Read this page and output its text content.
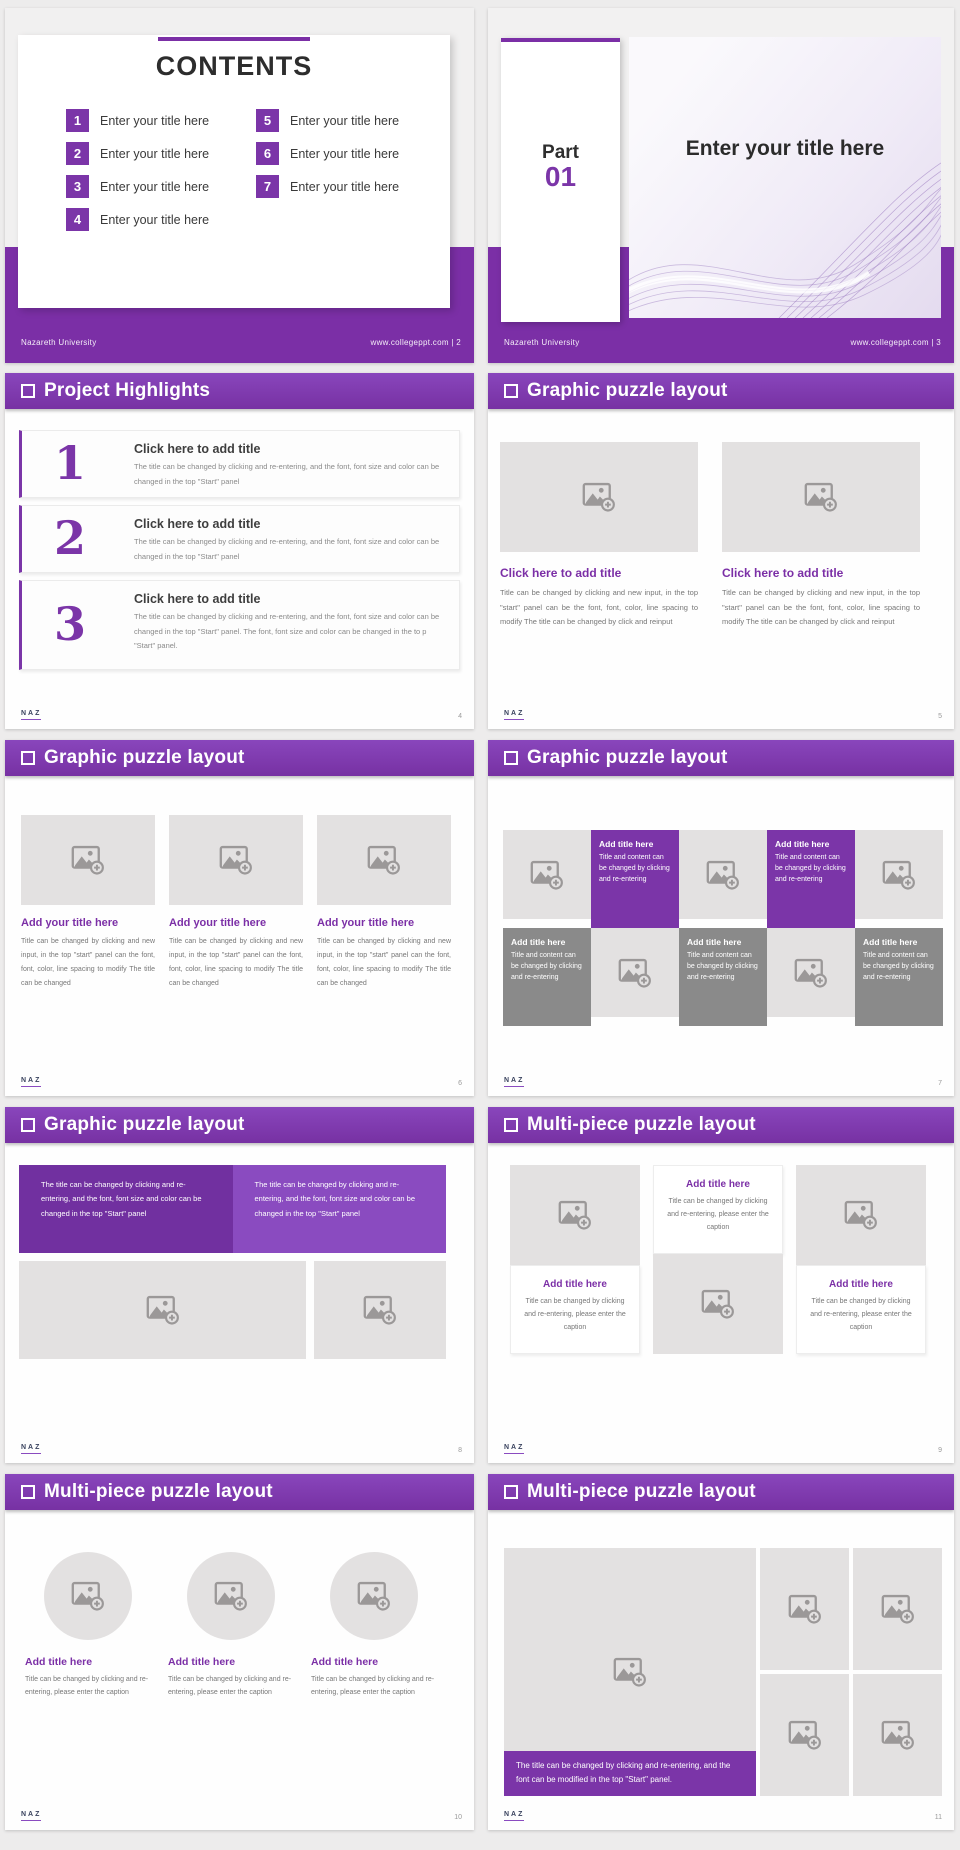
CONTENTS
1	Enter your title here
2	Enter your title here
3	Enter your title here
4	Enter your title here
5	Enter your title here
6	Enter your title here
7	Enter your title here
Nazareth University	www.collegeppt.com | 2
Part
01
Enter your title here
Nazareth University	www.collegeppt.com | 3
Project Highlights
1	Click here to add title

The title can be changed by clicking and re-entering, and the font, font size and color can be changed in the top "Start" panel

2	Click here to add title

The title can be changed by clicking and re-entering, and the font, font size and color can be changed in the top "Start" panel

3	Click here to add title

The title can be changed by clicking and re-entering, and the font, font size and color can be changed in the top "Start" panel. The font, font size and color can be changed in the to p "Start" panel.

NAZ	4
Graphic puzzle layout
Click here to add title

Title can be changed by clicking and new input, in the top "start" panel can be the font, font, color, line spacing to modify The title can be changed by click and reinput

Click here to add title

Title can be changed by clicking and new input, in the top "start" panel can be the font, font, color, line spacing to modify The title can be changed by click and reinput

NAZ	5
Graphic puzzle layout
Add your title here

Title can be changed by clicking and new input, in the top "start" panel can the font, font, color, line spacing to modify The title can be changed

Add your title here

Title can be changed by clicking and new input, in the top "start" panel can the font, font, color, line spacing to modify The title can be changed

Add your title here

Title can be changed by clicking and new input, in the top "start" panel can the font, font, color, line spacing to modify The title can be changed

NAZ	6
Graphic puzzle layout

Add title here

Title and content can be changed by clicking and re-entering

Add title here

Title and content can be changed by clicking and re-entering

Add title here

Title and content can be changed by clicking and re-entering

Add title here

Title and content can be changed by clicking and re-entering

Add title here

Title and content can be changed by clicking and re-entering

NAZ	7
Graphic puzzle layout
The title can be changed by clicking and re-entering, and the font, font size and color can be changed in the top "Start" panel
The title can be changed by clicking and re-entering, and the font, font size and color can be changed in the top "Start" panel
NAZ	8
Multi-piece puzzle layout
Add title here

Title can be changed by clicking and re-entering, please enter the caption

Add title here

Title can be changed by clicking and re-entering, please enter the caption

Add title here

Title can be changed by clicking and re-entering, please enter the caption

NAZ	9
Multi-piece puzzle layout
Add title here

Title can be changed by clicking and re-entering, please enter the caption

Add title here

Title can be changed by clicking and re-entering, please enter the caption

Add title here

Title can be changed by clicking and re-entering, please enter the caption

NAZ	10
Multi-piece puzzle layout
The title can be changed by clicking and re-entering, and the font can be modified in the top "Start" panel.
NAZ	11
